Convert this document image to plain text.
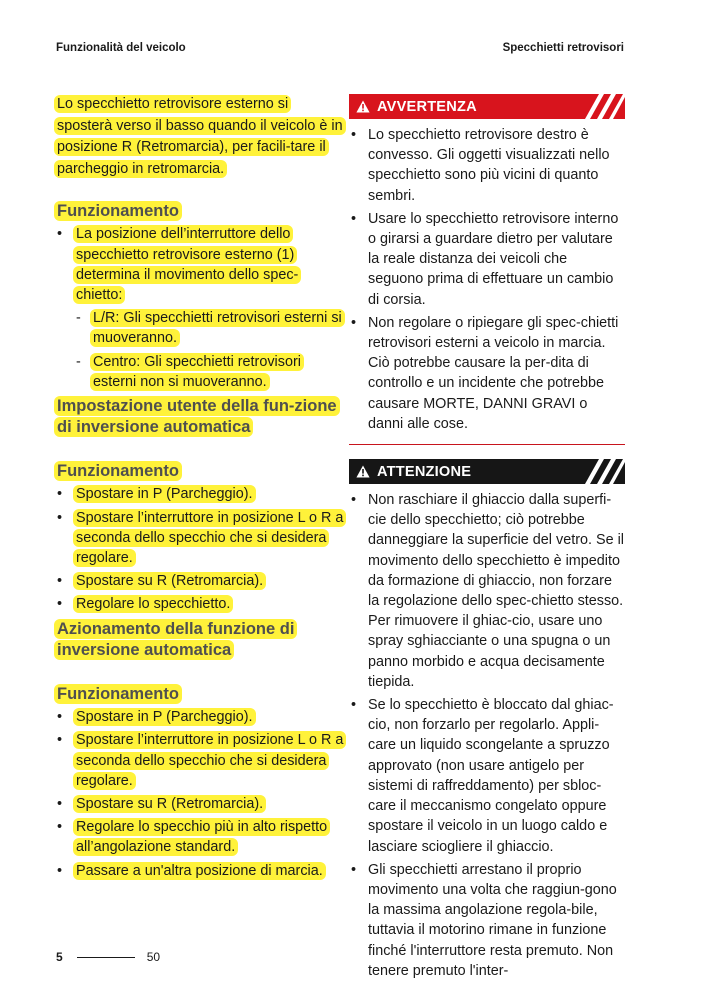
Funzionalità del veicolo	Specchietti retrovisori

Lo specchietto retrovisore esterno si sposterà verso il basso quando il veicolo è in posizione R (Retromarcia), per facili-tare il parcheggio in retromarcia.

Funzionamento
• La posizione dell’interruttore dello specchietto retrovisore esterno (1) determina il movimento dello spec-chietto:
- L/R: Gli specchietti retrovisori esterni si muoveranno.
- Centro: Gli specchietti retrovisori esterni non si muoveranno.
Impostazione utente della fun-zione di inversione automatica
Funzionamento
• Spostare in P (Parcheggio).
• Spostare l’interruttore in posizione L o R a seconda dello specchio che si desidera regolare.
• Spostare su R (Retromarcia).
• Regolare lo specchietto.
Azionamento della funzione di inversione automatica
Funzionamento
• Spostare in P (Parcheggio).
• Spostare l’interruttore in posizione L o R a seconda dello specchio che si desidera regolare.
• Spostare su R (Retromarcia).
• Regolare lo specchio più in alto rispetto all’angolazione standard.
• Passare a un'altra posizione di marcia.
AVVERTENZA
• Lo specchietto retrovisore destro è convesso. Gli oggetti visualizzati nello specchietto sono più vicini di quanto sembri.
• Usare lo specchietto retrovisore interno o girarsi a guardare dietro per valutare la reale distanza dei veicoli che seguono prima di effettuare un cambio di corsia.
• Non regolare o ripiegare gli spec-chietti retrovisori esterni a veicolo in marcia. Ciò potrebbe causare la per-dita di controllo e un incidente che potrebbe causare MORTE, DANNI GRAVI o danni alle cose.
ATTENZIONE
• Non raschiare il ghiaccio dalla superfi-cie dello specchietto; ciò potrebbe danneggiare la superficie del vetro. Se il movimento dello specchietto è impedito da formazione di ghiaccio, non forzare la regolazione dello spec-chietto stesso. Per rimuovere il ghiac-cio, usare uno spray sghiacciante o una spugna o un panno morbido e acqua decisamente tiepida.
• Se lo specchietto è bloccato dal ghiac-cio, non forzarlo per regolarlo. Appli-care un liquido scongelante a spruzzo approvato (non usare antigelo per sistemi di raffreddamento) per sbloc-care il meccanismo congelato oppure spostare il veicolo in un luogo caldo e lasciare sciogliere il ghiaccio.
• Gli specchietti arrestano il proprio movimento una volta che raggiun-gono la massima angolazione regola-bile, tuttavia il motorino rimane in funzione finché l'interruttore resta premuto. Non tenere premuto l'inter-
5	50
